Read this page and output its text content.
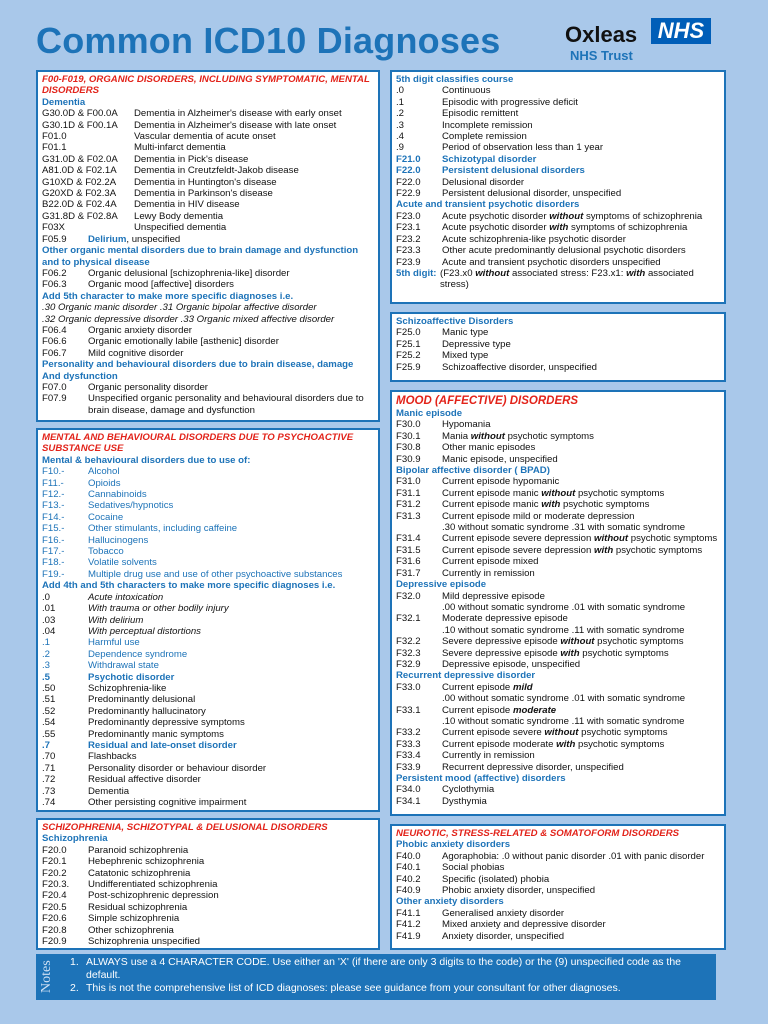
Common ICD10 Diagnoses	Oxleas NHS
NHS Trust
F00-F019, ORGANIC DISORDERS, INCLUDING SYMPTOMATIC, MENTAL DISORDERS
Dementia
G30.0D & F00.0A	Dementia in Alzheimer's disease with early onset
G30.1D & F00.1A	Dementia in Alzheimer's disease with late onset
F01.0	Vascular dementia of acute onset
F01.1	Multi-infarct dementia
G31.0D & F02.0A	Dementia in Pick's disease
A81.0D & F02.1A	Dementia in Creutzfeldt-Jakob disease
G10XD & F02.2A	Dementia in Huntington's disease
G20XD & F02.3A	Dementia in Parkinson's disease
B22.0D & F02.4A	Dementia in HIV disease
G31.8D & F02.8A	Lewy Body dementia
F03X	Unspecified dementia
F05.9	Delirium, unspecified
Other organic mental disorders due to brain damage and dysfunction and to physical disease
F06.2	Organic delusional [schizophrenia-like] disorder
F06.3	Organic mood [affective] disorders
Add 5th character to make more specific diagnoses i.e.
.30 Organic manic disorder .31 Organic bipolar affective disorder
.32 Organic depressive disorder .33 Organic mixed affective disorder
F06.4	Organic anxiety disorder
F06.6	Organic emotionally labile [asthenic] disorder
F06.7	Mild cognitive disorder
Personality and behavioural disorders due to brain disease, damage And dysfunction
F07.0	Organic personality disorder
F07.9	Unspecified organic personality and behavioural disorders due to brain disease, damage and dysfunction
MENTAL AND BEHAVIOURAL DISORDERS DUE TO PSYCHOACTIVE SUBSTANCE USE
Mental & behavioural disorders due to use of:
F10.-	Alcohol
F11.-	Opioids
F12.-	Cannabinoids
F13.-	Sedatives/hypnotics
F14.-	Cocaine
F15.-	Other stimulants, including caffeine
F16.-	Hallucinogens
F17.-	Tobacco
F18.-	Volatile solvents
F19.-	Multiple drug use and use of other psychoactive substances
Add 4th and 5th characters to make more specific diagnoses i.e.
.0	Acute intoxication
.01	With trauma or other bodily injury
.03	With delirium
.04	With perceptual distortions
.1	Harmful use
.2	Dependence syndrome
.3	Withdrawal state
.5	Psychotic disorder
.50	Schizophrenia-like
.51	Predominantly delusional
.52	Predominantly hallucinatory
.54	Predominantly depressive symptoms
.55	Predominantly manic symptoms
.7	Residual and late-onset disorder
.70	Flashbacks
.71	Personality disorder or behaviour disorder
.72	Residual affective disorder
.73	Dementia
.74	Other persisting cognitive impairment
SCHIZOPHRENIA, SCHIZOTYPAL & DELUSIONAL DISORDERS
Schizophrenia
F20.0	Paranoid schizophrenia
F20.1	Hebephrenic schizophrenia
F20.2	Catatonic schizophrenia
F20.3.	Undifferentiated schizophrenia
F20.4	Post-schizophrenic depression
F20.5	Residual schizophrenia
F20.6	Simple schizophrenia
F20.8	Other schizophrenia
F20.9	Schizophrenia unspecified
5th digit classifies course
.0	Continuous
.1	Episodic with progressive deficit
.2	Episodic remittent
.3	Incomplete remission
.4	Complete remission
.9	Period of observation less than 1 year
F21.0	Schizotypal disorder
F22.0	Persistent delusional disorders
F22.0	Delusional disorder
F22.9	Persistent delusional disorder, unspecified
Acute and transient psychotic disorders
F23.0	Acute psychotic disorder without symptoms of schizophrenia
F23.1	Acute psychotic disorder with symptoms of schizophrenia
F23.2	Acute schizophrenia-like psychotic disorder
F23.3	Other acute predominantly delusional psychotic disorders
F23.9	Acute and transient psychotic disorders unspecified
5th digit: (F23.x0 without associated stress: F23.x1: with associated stress)
Schizoaffective Disorders
F25.0	Manic type
F25.1	Depressive type
F25.2	Mixed type
F25.9	Schizoaffective disorder, unspecified
MOOD (AFFECTIVE) DISORDERS
Manic episode
F30.0	Hypomania
F30.1	Mania without psychotic symptoms
F30.8	Other manic episodes
F30.9	Manic episode, unspecified
Bipolar affective disorder ( BPAD)
F31.0	Current episode hypomanic
F31.1	Current episode manic without psychotic symptoms
F31.2	Current episode manic with psychotic symptoms
F31.3	Current episode mild or moderate depression
.30 without somatic syndrome .31 with somatic syndrome
F31.4	Current episode severe depression without psychotic symptoms
F31.5	Current episode severe depression with psychotic symptoms
F31.6	Current episode mixed
F31.7	Currently in remission
Depressive episode
F32.0	Mild depressive episode
.00 without somatic syndrome .01 with somatic syndrome
F32.1	Moderate depressive episode
.10 without somatic syndrome .11 with somatic syndrome
F32.2	Severe depressive episode without psychotic symptoms
F32.3	Severe depressive episode with psychotic symptoms
F32.9	Depressive episode, unspecified
Recurrent depressive disorder
F33.0	Current episode mild
.00 without somatic syndrome .01 with somatic syndrome
F33.1	Current episode moderate
.10 without somatic syndrome .11 with somatic syndrome
F33.2	Current episode severe without psychotic symptoms
F33.3	Current episode moderate with psychotic symptoms
F33.4	Currently in remission
F33.9	Recurrent depressive disorder, unspecified
Persistent mood (affective) disorders
F34.0	Cyclothymia
F34.1	Dysthymia
NEUROTIC, STRESS-RELATED & SOMATOFORM DISORDERS
Phobic anxiety disorders
F40.0	Agoraphobia: .0 without panic disorder .01 with panic disorder
F40.1	Social phobias
F40.2	Specific (isolated) phobia
F40.9	Phobic anxiety disorder, unspecified
Other anxiety disorders
F41.1	Generalised anxiety disorder
F41.2	Mixed anxiety and depressive disorder
F41.9	Anxiety disorder, unspecified
Notes	1. ALWAYS use a 4 CHARACTER CODE. Use either an 'X' (if there are only 3 digits to the code) or the (9) unspecified code as the default.
2. This is not the comprehensive list of ICD diagnoses: please see guidance from your consultant for other diagnoses.
